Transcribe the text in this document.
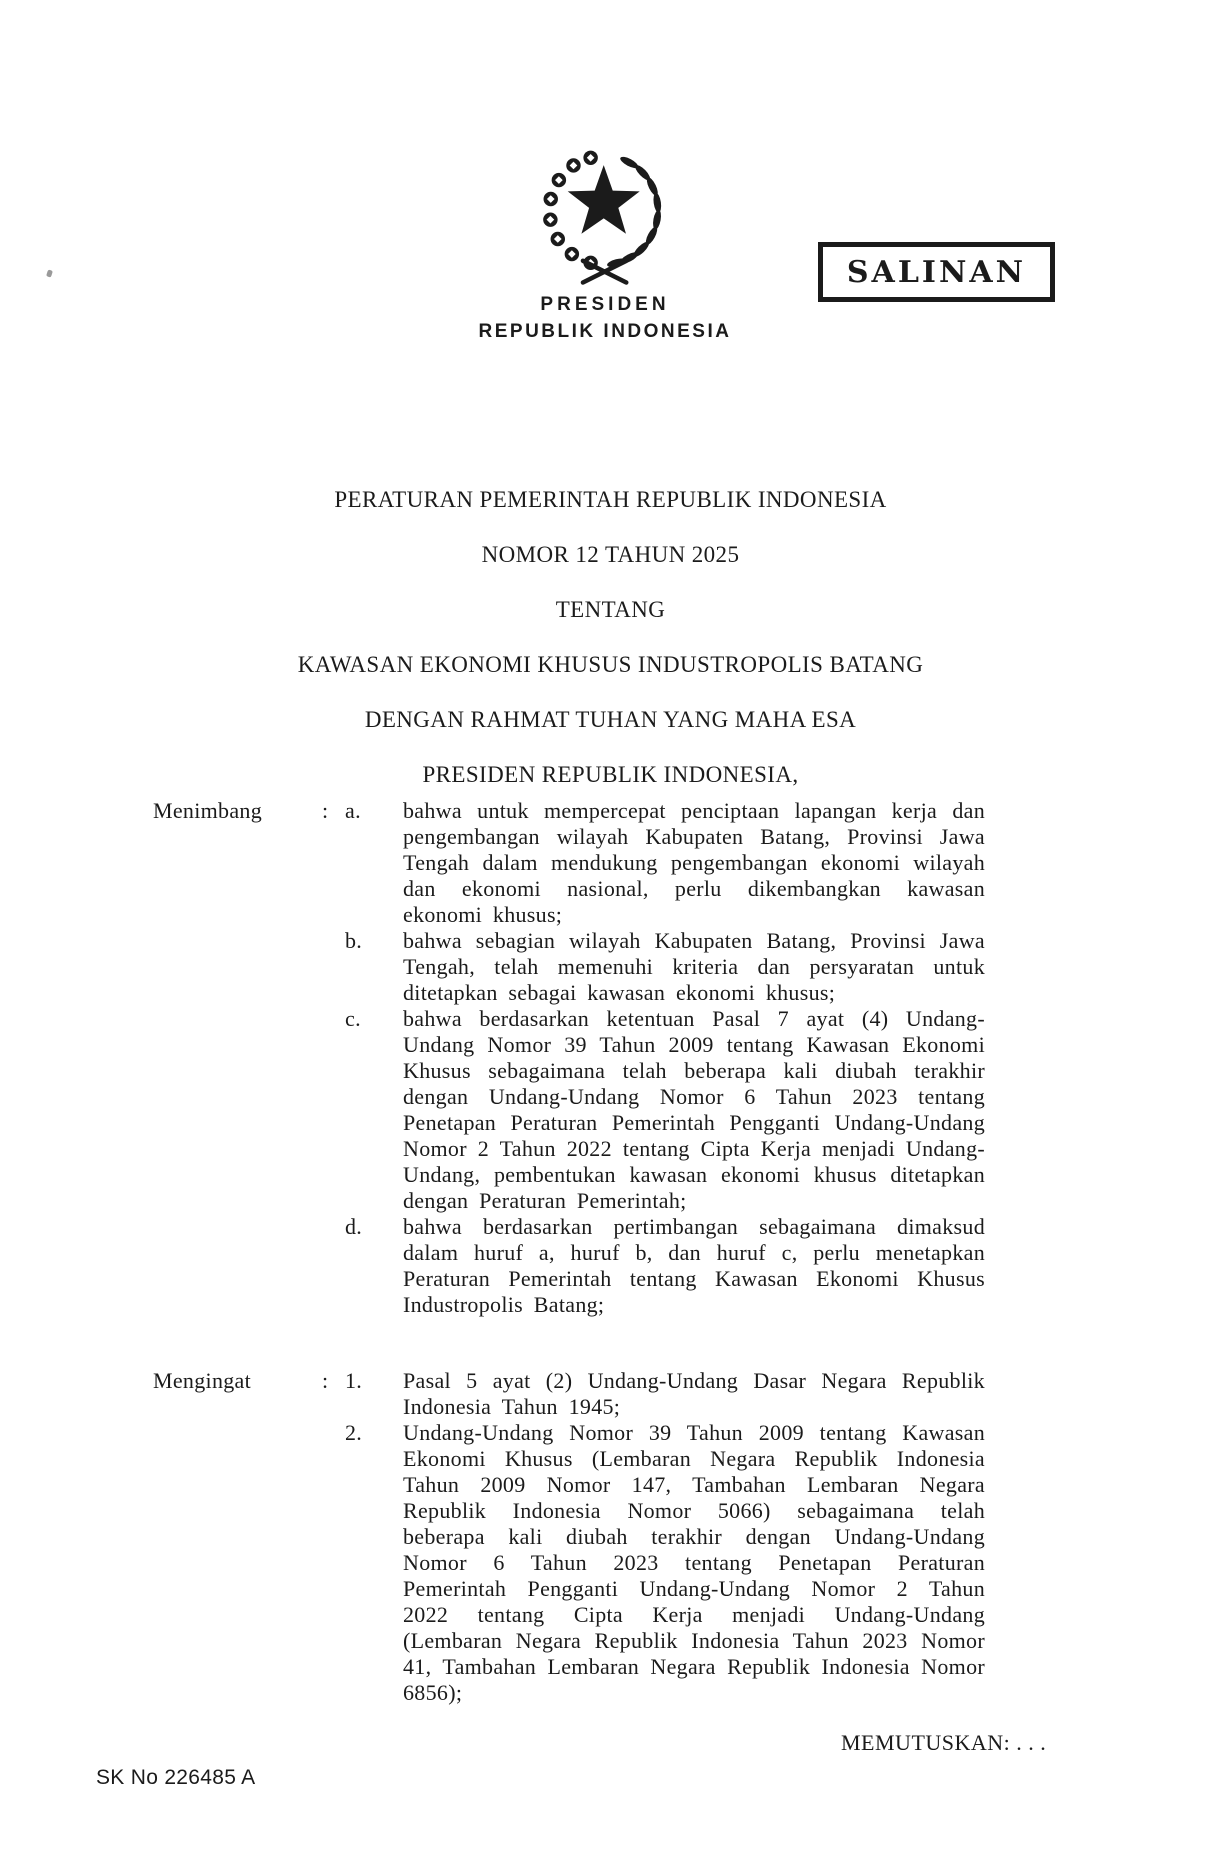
PRESIDEN
REPUBLIK INDONESIA
SALINAN
PERATURAN PEMERINTAH REPUBLIK INDONESIA
NOMOR 12 TAHUN 2025
TENTANG
KAWASAN EKONOMI KHUSUS INDUSTROPOLIS BATANG
DENGAN RAHMAT TUHAN YANG MAHA ESA
PRESIDEN REPUBLIK INDONESIA,
Menimbang	: a.	bahwa untuk mempercepat penciptaan lapangan kerja dan pengembangan wilayah Kabupaten Batang, Provinsi Jawa Tengah dalam mendukung pengembangan ekonomi wilayah dan ekonomi nasional, perlu dikembangkan kawasan ekonomi khusus;
b.	bahwa sebagian wilayah Kabupaten Batang, Provinsi Jawa Tengah, telah memenuhi kriteria dan persyaratan untuk ditetapkan sebagai kawasan ekonomi khusus;
c.	bahwa berdasarkan ketentuan Pasal 7 ayat (4) Undang-Undang Nomor 39 Tahun 2009 tentang Kawasan Ekonomi Khusus sebagaimana telah beberapa kali diubah terakhir dengan Undang-Undang Nomor 6 Tahun 2023 tentang Penetapan Peraturan Pemerintah Pengganti Undang-Undang Nomor 2 Tahun 2022 tentang Cipta Kerja menjadi Undang-Undang, pembentukan kawasan ekonomi khusus ditetapkan dengan Peraturan Pemerintah;
d.	bahwa berdasarkan pertimbangan sebagaimana dimaksud dalam huruf a, huruf b, dan huruf c, perlu menetapkan Peraturan Pemerintah tentang Kawasan Ekonomi Khusus Industropolis Batang;
Mengingat	: 1.	Pasal 5 ayat (2) Undang-Undang Dasar Negara Republik Indonesia Tahun 1945;
2.	Undang-Undang Nomor 39 Tahun 2009 tentang Kawasan Ekonomi Khusus (Lembaran Negara Republik Indonesia Tahun 2009 Nomor 147, Tambahan Lembaran Negara Republik Indonesia Nomor 5066) sebagaimana telah beberapa kali diubah terakhir dengan Undang-Undang Nomor 6 Tahun 2023 tentang Penetapan Peraturan Pemerintah Pengganti Undang-Undang Nomor 2 Tahun 2022 tentang Cipta Kerja menjadi Undang-Undang (Lembaran Negara Republik Indonesia Tahun 2023 Nomor 41, Tambahan Lembaran Negara Republik Indonesia Nomor 6856);
MEMUTUSKAN: . . .
SK No 226485 A
